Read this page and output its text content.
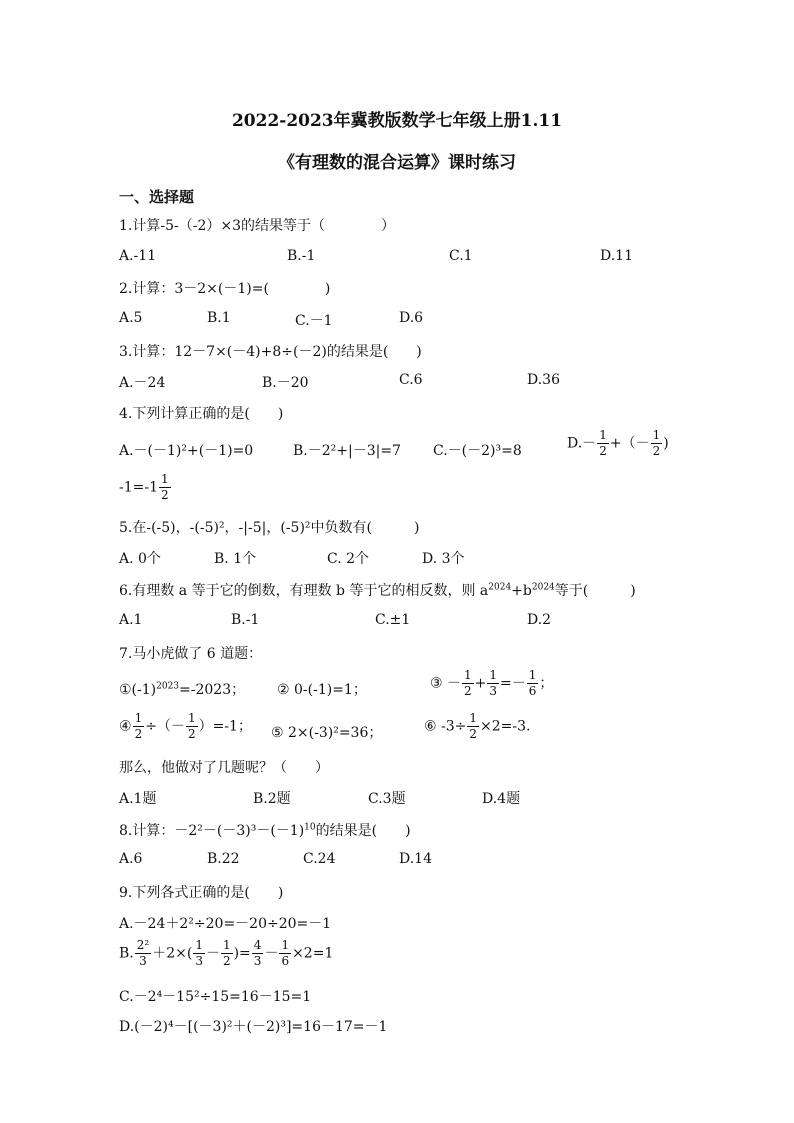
2022-2023年冀教版数学七年级上册1.11
《有理数的混合运算》课时练习
一、选择题
1.计算-5-（-2）×3的结果等于（　　　　）
A.-11	B.-1	C.1	D.11
2.计算：3－2×(－1)=(　　　　)
A.5	B.1	C.－1	D.6
3.计算：12－7×(－4)+8÷(－2)的结果是(　　)
A.－24	B.－20	C.6	D.36
4.下列计算正确的是(　　)
A.－(－1)²+(－1)=0	B.－2²+|－3|=7 C.－(－2)³=8	$D.- \frac{1}{2}$ +（－ $\frac{1}{2}$ )
$-1=-1 \frac{1}{2}$
5.在-(-5)，-(-5)²，-|-5|，(-5)²中负数有(　　　)
A. 0个	B. 1个	C. 2个	D. 3个
6.有理数 a 等于它的倒数，有理数 b 等于它的相反数，则 $a^{2024}+b^{2024}$等于(　　　)
A.1	B.-1	C.±1	D.2
7.马小虎做了 6 道题：
$①(-1)^{2023}=-2023$； ② 0-(-1)=1；	③ － $\frac{1}{2} + \frac{1}{3} =- \frac{1}{6}$ ；
④ $\frac{1}{2}$ ÷（－ $\frac{1}{2} )=-1$； ⑤ 2×(-3)²=36；	⑥ $-3\div \frac{1}{2} \times 2=-3$.
那么，他做对了几题呢？（　　）
A.1题	B.2题	C.3题	D.4题
8.计算：$-2^2-(-3)^3-(-1)^{10}$的结果是(　　)
A.6	B.22	C.24	D.14
9.下列各式正确的是(　　)
A.－24＋2²÷20=－20÷20=－1
B. $\frac{\text{2²}}{3} +2\times( \frac{1}{3} - \frac{1}{2}$ )= $\frac{4}{3} - \frac{1}{6} \times 2=1$
C.－2⁴－15²÷15=16－15=1
D.(－2)⁴－[(－3)²＋(－2)³]=16－17=－1
